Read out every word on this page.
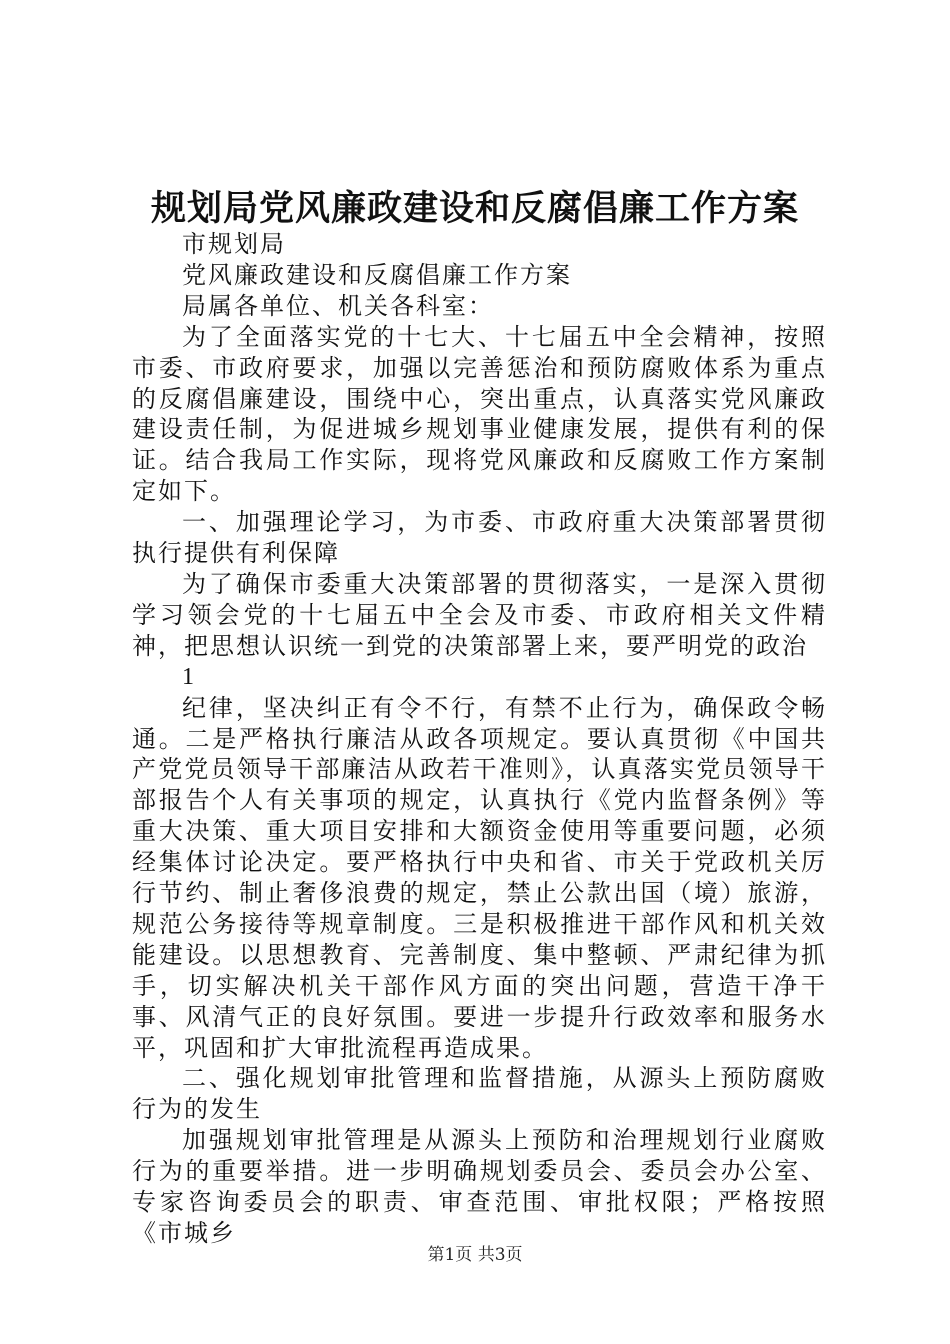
规划局党风廉政建设和反腐倡廉工作方案

市规划局

党风廉政建设和反腐倡廉工作方案

局属各单位、机关各科室：

为了全面落实党的十七大、十七届五中全会精神，按照市委、市政府要求，加强以完善惩治和预防腐败体系为重点的反腐倡廉建设，围绕中心，突出重点，认真落实党风廉政建设责任制，为促进城乡规划事业健康发展，提供有利的保证。结合我局工作实际，现将党风廉政和反腐败工作方案制定如下。

一、加强理论学习，为市委、市政府重大决策部署贯彻执行提供有利保障

为了确保市委重大决策部署的贯彻落实，一是深入贯彻学习领会党的十七届五中全会及市委、市政府相关文件精神，把思想认识统一到党的决策部署上来，要严明党的政治

1

纪律，坚决纠正有令不行，有禁不止行为，确保政令畅通。二是严格执行廉洁从政各项规定。要认真贯彻《中国共产党党员领导干部廉洁从政若干准则》，认真落实党员领导干部报告个人有关事项的规定，认真执行《党内监督条例》等重大决策、重大项目安排和大额资金使用等重要问题，必须经集体讨论决定。要严格执行中央和省、市关于党政机关厉行节约、制止奢侈浪费的规定，禁止公款出国（境）旅游，规范公务接待等规章制度。三是积极推进干部作风和机关效能建设。以思想教育、完善制度、集中整顿、严肃纪律为抓手，切实解决机关干部作风方面的突出问题，营造干净干事、风清气正的良好氛围。要进一步提升行政效率和服务水平，巩固和扩大审批流程再造成果。

二、强化规划审批管理和监督措施，从源头上预防腐败行为的发生

加强规划审批管理是从源头上预防和治理规划行业腐败行为的重要举措。进一步明确规划委员会、委员会办公室、专家咨询委员会的职责、审查范围、审批权限；严格按照《市城乡

第1页 共3页
